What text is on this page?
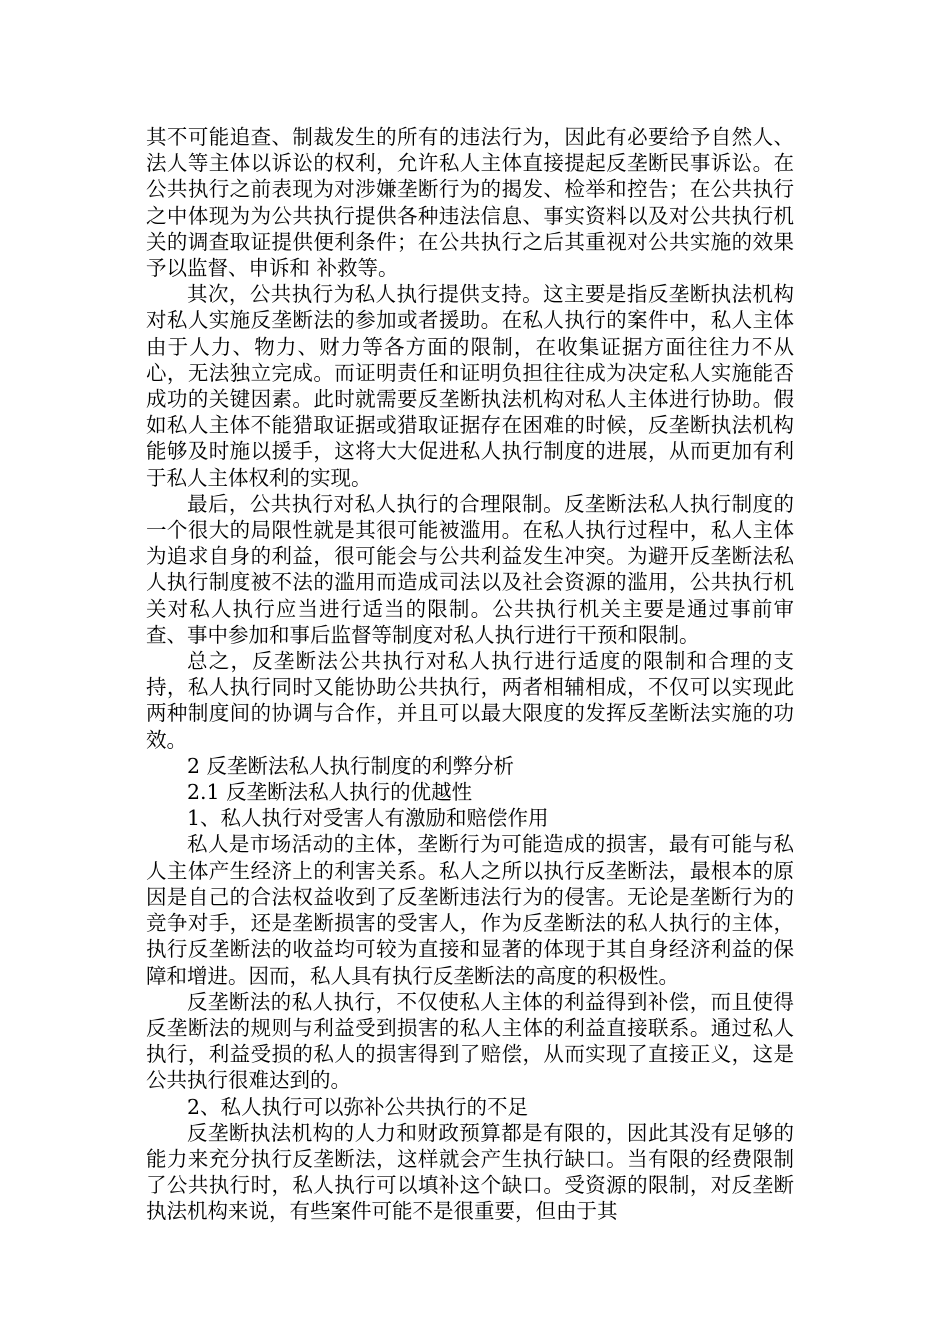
其不可能追查、制裁发生的所有的违法行为，因此有必要给予自然人、法人等主体以诉讼的权利，允许私人主体直接提起反垄断民事诉讼。在公共执行之前表现为对涉嫌垄断行为的揭发、检举和控告；在公共执行之中体现为为公共执行提供各种违法信息、事实资料以及对公共执行机关的调查取证提供便利条件；在公共执行之后其重视对公共实施的效果予以监督、申诉和 补救等。

其次，公共执行为私人执行提供支持。这主要是指反垄断执法机构对私人实施反垄断法的参加或者援助。在私人执行的案件中，私人主体由于人力、物力、财力等各方面的限制，在收集证据方面往往力不从心，无法独立完成。而证明责任和证明负担往往成为决定私人实施能否成功的关键因素。此时就需要反垄断执法机构对私人主体进行协助。假如私人主体不能猎取证据或猎取证据存在困难的时候，反垄断执法机构能够及时施以援手，这将大大促进私人执行制度的进展，从而更加有利于私人主体权利的实现。

最后，公共执行对私人执行的合理限制。反垄断法私人执行制度的一个很大的局限性就是其很可能被滥用。在私人执行过程中，私人主体为追求自身的利益，很可能会与公共利益发生冲突。为避开反垄断法私人执行制度被不法的滥用而造成司法以及社会资源的滥用，公共执行机关对私人执行应当进行适当的限制。公共执行机关主要是通过事前审查、事中参加和事后监督等制度对私人执行进行干预和限制。

总之，反垄断法公共执行对私人执行进行适度的限制和合理的支持，私人执行同时又能协助公共执行，两者相辅相成，不仅可以实现此两种制度间的协调与合作，并且可以最大限度的发挥反垄断法实施的功效。

2 反垄断法私人执行制度的利弊分析

2.1 反垄断法私人执行的优越性

1、私人执行对受害人有激励和赔偿作用

私人是市场活动的主体，垄断行为可能造成的损害，最有可能与私人主体产生经济上的利害关系。私人之所以执行反垄断法，最根本的原因是自己的合法权益收到了反垄断违法行为的侵害。无论是垄断行为的竞争对手，还是垄断损害的受害人，作为反垄断法的私人执行的主体，执行反垄断法的收益均可较为直接和显著的体现于其自身经济利益的保障和增进。因而，私人具有执行反垄断法的高度的积极性。

反垄断法的私人执行，不仅使私人主体的利益得到补偿，而且使得反垄断法的规则与利益受到损害的私人主体的利益直接联系。通过私人执行，利益受损的私人的损害得到了赔偿，从而实现了直接正义，这是公共执行很难达到的。

2、私人执行可以弥补公共执行的不足

反垄断执法机构的人力和财政预算都是有限的，因此其没有足够的能力来充分执行反垄断法，这样就会产生执行缺口。当有限的经费限制了公共执行时，私人执行可以填补这个缺口。受资源的限制，对反垄断执法机构来说，有些案件可能不是很重要，但由于其
